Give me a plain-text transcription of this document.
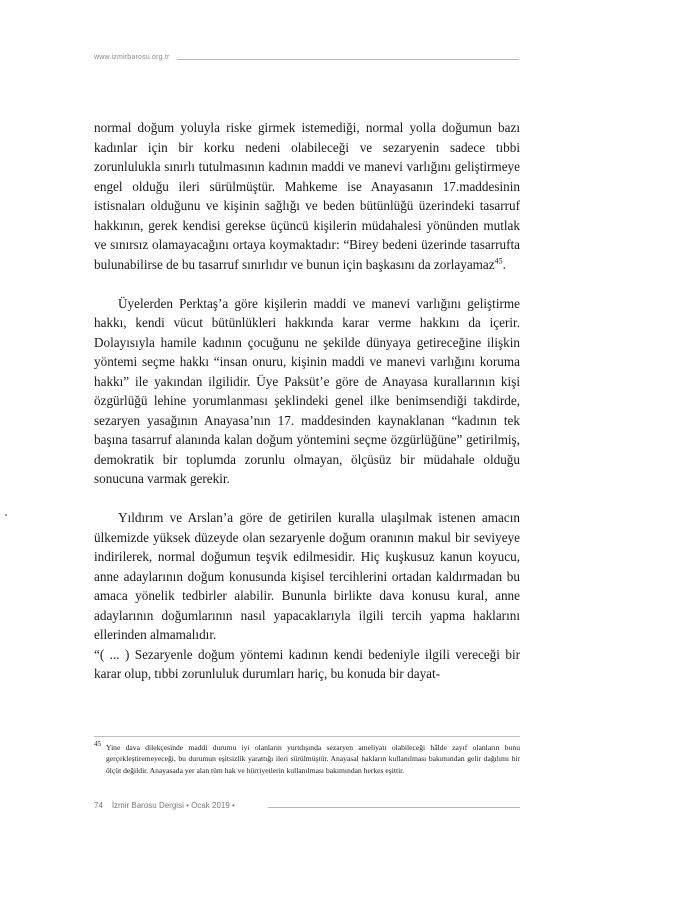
www.izmirbarosu.org.tr

normal doğum yoluyla riske girmek istemediği, normal yolla doğumun bazı kadınlar için bir korku nedeni olabileceği ve sezaryenin sadece tıbbi zorunlulukla sınırlı tutulmasının kadının maddi ve manevi varlığını geliştirmeye engel olduğu ileri sürülmüştür. Mahkeme ise Anayasanın 17.maddesinin istisnaları olduğunu ve kişinin sağlığı ve beden bütünlüğü üzerindeki tasarruf hakkının, gerek kendisi gerekse üçüncü kişilerin müdahalesi yönünden mutlak ve sınırsız olamayacağını ortaya koymaktadır: “Birey bedeni üzerinde tasarrufta bulunabilirse de bu tasarruf sınırlıdır ve bunun için başkasını da zorlayamaz$^{45}$.

Üyelerden Perktaş’a göre kişilerin maddi ve manevi varlığını geliştirme hakkı, kendi vücut bütünlükleri hakkında karar verme hakkını da içerir. Dolayısıyla hamile kadının çocuğunu ne şekilde dünyaya getireceğine ilişkin yöntemi seçme hakkı “insan onuru, kişinin maddi ve manevi varlığını koruma hakkı” ile yakından ilgilidir. Üye Paksüt’e göre de Anayasa kurallarının kişi özgürlüğü lehine yorumlanması şeklindeki genel ilke benimsendiği takdirde, sezaryen yasağının Anayasa’nın 17. maddesinden kaynaklanan “kadının tek başına tasarruf alanında kalan doğum yöntemini seçme özgürlüğüne” getirilmiş, demokratik bir toplumda zorunlu olmayan, ölçüsüz bir müdahale olduğu sonucuna varmak gerekir.

Yıldırım ve Arslan’a göre de getirilen kuralla ulaşılmak istenen amacın ülkemizde yüksek düzeyde olan sezaryenle doğum oranının makul bir seviyeye indirilerek, normal doğumun teşvik edilmesidir. Hiç kuşkusuz kanun koyucu, anne adaylarının doğum konusunda kişisel tercihlerini ortadan kaldırmadan bu amaca yönelik tedbirler alabilir. Bununla birlikte dava konusu kural, anne adaylarının doğumlarının nasıl yapacaklarıyla ilgili tercih yapma haklarını ellerinden almamalıdır.

“( ... ) Sezaryenle doğum yöntemi kadının kendi bedeniyle ilgili vereceği bir karar olup, tıbbi zorunluluk durumları hariç, bu konuda bir dayat-

45 Yine dava dilekçesinde maddi durumu iyi olanların yurtdışında sezaryen ameliyatı olabileceği hâlde zayıf olanların bunu gerçekleştiremeyeceği, bu durumun eşitsizlik yarattığı ileri sürülmüştür. Anayasal hakların kullanılması bakımından gelir dağılımı bir ölçüt değildir. Anayasada yer alan tüm hak ve hürriyetlerin kullanılması bakımından herkes eşittir.

74 İzmir Barosu Dergisi • Ocak 2019 •
